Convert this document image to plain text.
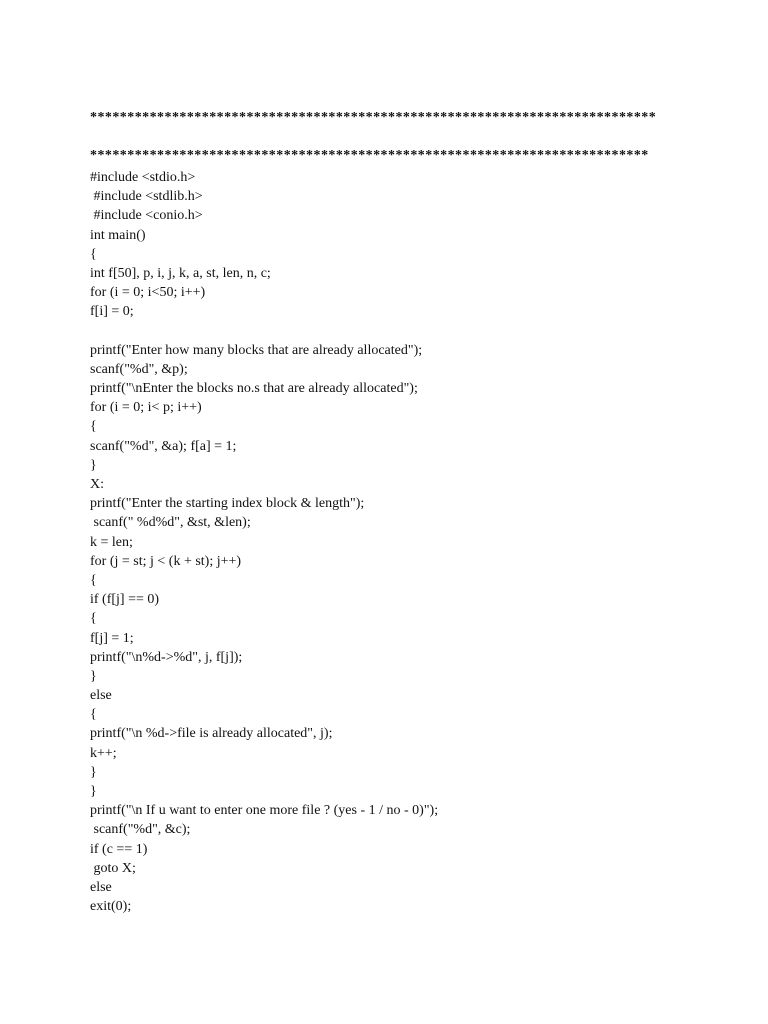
****************************************************************************
***************************************************************************
#include <stdio.h>
#include <stdlib.h>
#include <conio.h>
int main()
{
int f[50], p, i, j, k, a, st, len, n, c;
for (i = 0; i<50; i++)
f[i] = 0;
printf("Enter how many blocks that are already allocated");
scanf("%d", &p);
printf("\nEnter the blocks no.s that are already allocated");
for (i = 0; i< p; i++)
{
scanf("%d", &a); f[a] = 1;
}
X:
printf("Enter the starting index block & length");
scanf(" %d%d", &st, &len);
k = len;
for (j = st; j < (k + st); j++)
{
if (f[j] == 0)
{
f[j] = 1;
printf("\n%d->%d", j, f[j]);
}
else
{
printf("\n %d->file is already allocated", j);
k++;
}
}
printf("\n If u want to enter one more file ? (yes - 1 / no - 0)");
scanf("%d", &c);
if (c == 1)
goto X;
else
exit(0);
